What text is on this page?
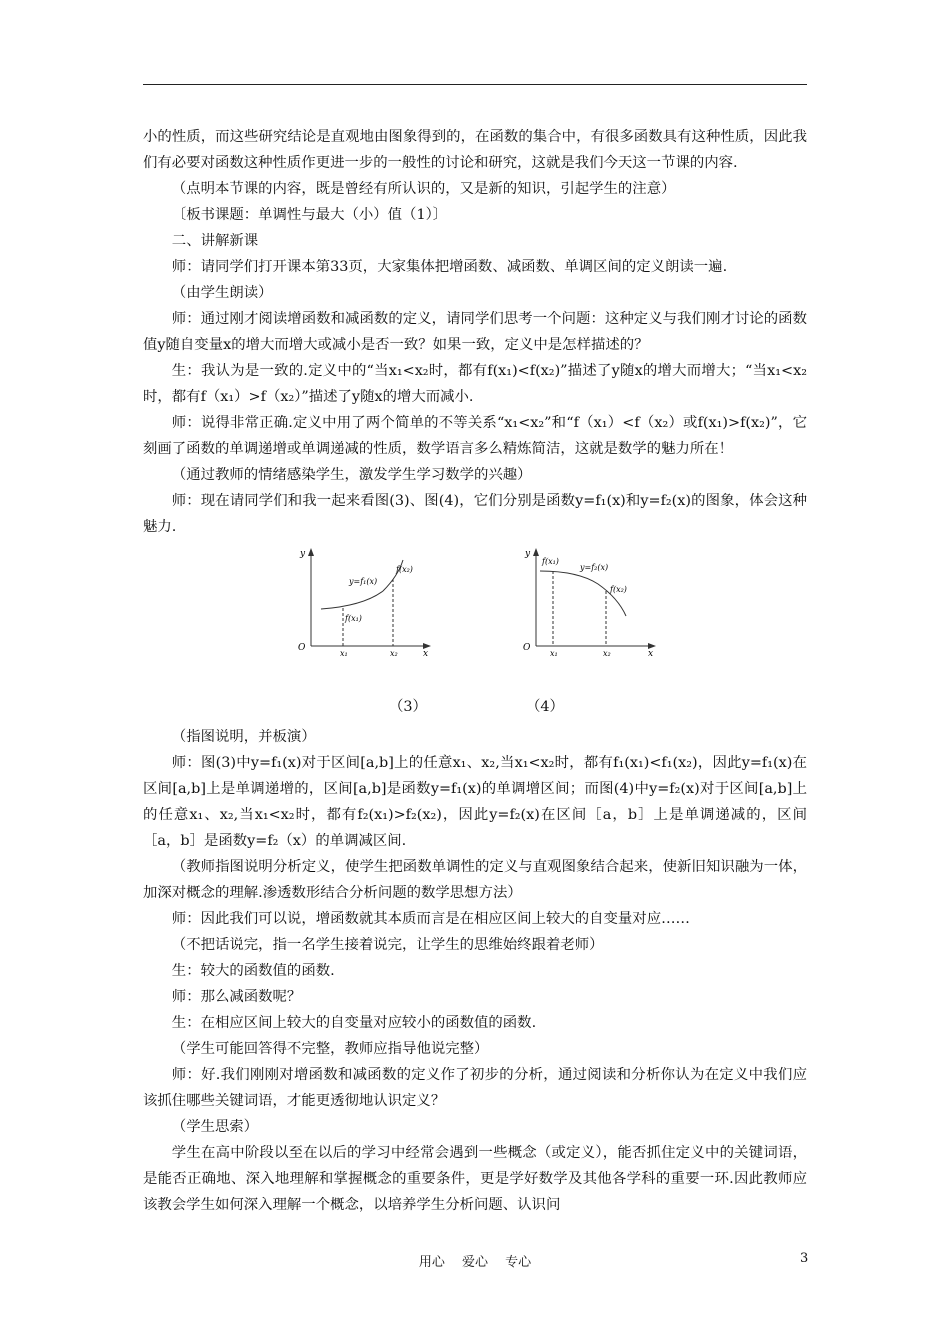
小的性质，而这些研究结论是直观地由图象得到的，在函数的集合中，有很多函数具有这种性质，因此我们有必要对函数这种性质作更进一步的一般性的讨论和研究，这就是我们今天这一节课的内容.

（点明本节课的内容，既是曾经有所认识的，又是新的知识，引起学生的注意）

〔板书课题：单调性与最大（小）值（1）〕

二、讲解新课

师：请同学们打开课本第33页，大家集体把增函数、减函数、单调区间的定义朗读一遍.

（由学生朗读）

师：通过刚才阅读增函数和减函数的定义，请同学们思考一个问题：这种定义与我们刚才讨论的函数值y随自变量x的增大而增大或减小是否一致？如果一致，定义中是怎样描述的？

生：我认为是一致的.定义中的“当x₁<x₂时，都有f(x₁)<f(x₂)”描述了y随x的增大而增大；“当x₁<x₂时，都有f（x₁）>f（x₂）”描述了y随x的增大而减小.

师：说得非常正确.定义中用了两个简单的不等关系“x₁<x₂”和“f（x₁）<f（x₂）或f(x₁)>f(x₂)”，它刻画了函数的单调递增或单调递减的性质，数学语言多么精炼简洁，这就是数学的魅力所在！

（通过教师的情绪感染学生，激发学生学习数学的兴趣）

师：现在请同学们和我一起来看图(3)、图(4)，它们分别是函数y=f₁(x)和y=f₂(x)的图象，体会这种魅力.

y
x
O
y=f₁(x)
f(x₁)
f(x₂)
x₁	x₂
y
x
O
y=f₂(x)
f(x₁)
f(x₂)
x₁	x₂
（3）	（4）

（指图说明，并板演）

师：图(3)中y=f₁(x)对于区间[a,b]上的任意x₁、x₂,当x₁<x₂时，都有f₁(x₁)<f₁(x₂)，因此y=f₁(x)在区间[a,b]上是单调递增的，区间[a,b]是函数y=f₁(x)的单调增区间；而图(4)中y=f₂(x)对于区间[a,b]上的任意x₁、x₂,当x₁<x₂时，都有f₂(x₁)>f₂(x₂)，因此y=f₂(x)在区间［a，b］上是单调递减的，区间［a，b］是函数y=f₂（x）的单调减区间.

（教师指图说明分析定义，使学生把函数单调性的定义与直观图象结合起来，使新旧知识融为一体，加深对概念的理解.渗透数形结合分析问题的数学思想方法）

师：因此我们可以说，增函数就其本质而言是在相应区间上较大的自变量对应……

（不把话说完，指一名学生接着说完，让学生的思维始终跟着老师）

生：较大的函数值的函数.

师：那么减函数呢？

生：在相应区间上较大的自变量对应较小的函数值的函数.

（学生可能回答得不完整，教师应指导他说完整）

师：好.我们刚刚对增函数和减函数的定义作了初步的分析，通过阅读和分析你认为在定义中我们应该抓住哪些关键词语，才能更透彻地认识定义？

（学生思索）

学生在高中阶段以至在以后的学习中经常会遇到一些概念（或定义），能否抓住定义中的关键词语，是能否正确地、深入地理解和掌握概念的重要条件，更是学好数学及其他各学科的重要一环.因此教师应该教会学生如何深入理解一个概念，以培养学生分析问题、认识问

用心　 爱心　 专心	3
